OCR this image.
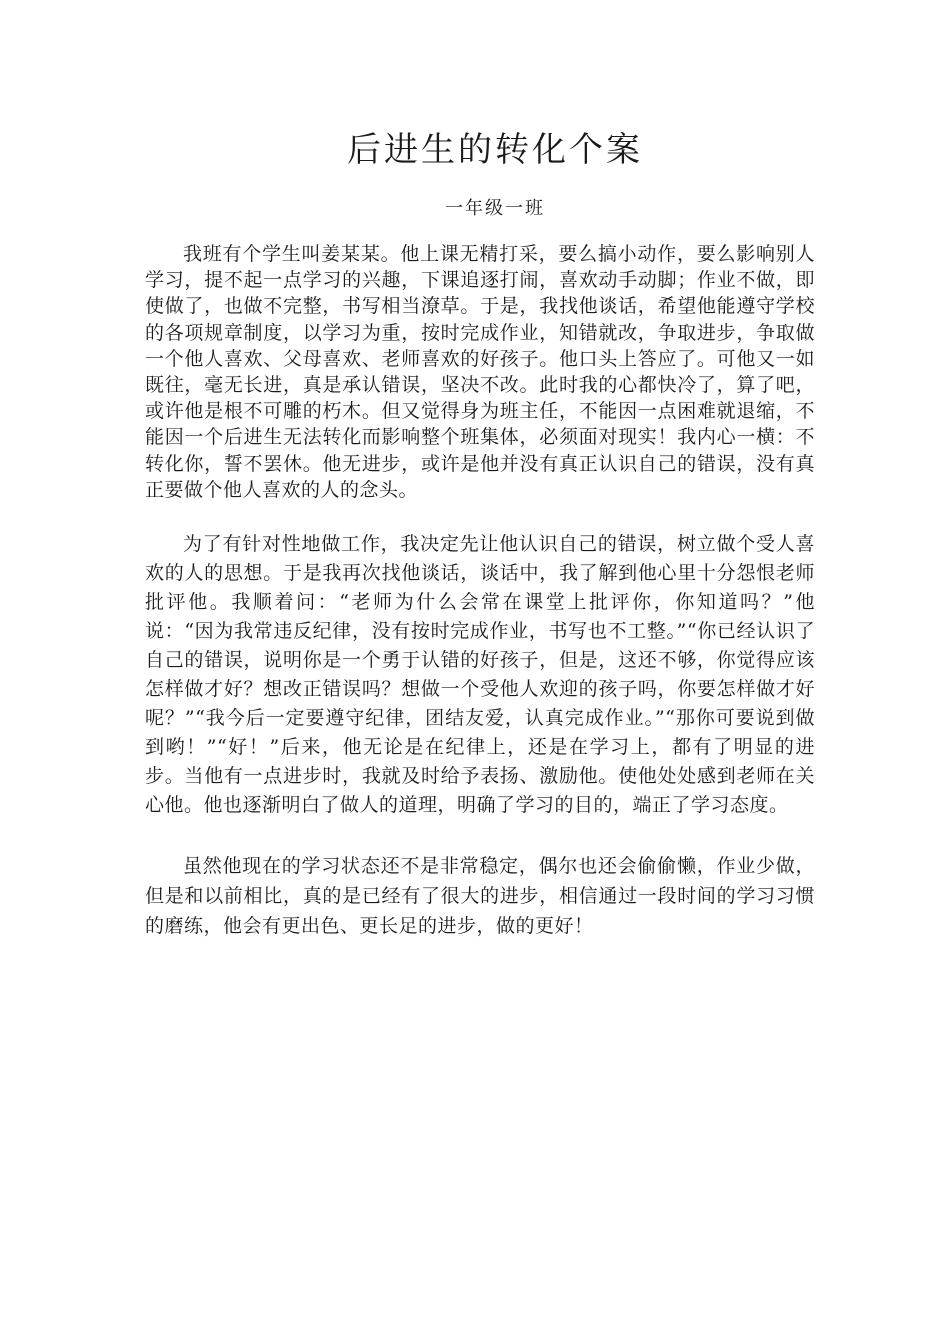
后进生的转化个案

一年级一班

我班有个学生叫姜某某。他上课无精打采，要么搞小动作，要么影响别人学习，提不起一点学习的兴趣，下课追逐打闹，喜欢动手动脚；作业不做，即使做了，也做不完整，书写相当潦草。于是，我找他谈话，希望他能遵守学校的各项规章制度，以学习为重，按时完成作业，知错就改，争取进步，争取做一个他人喜欢、父母喜欢、老师喜欢的好孩子。他口头上答应了。可他又一如既往，毫无长进，真是承认错误，坚决不改。此时我的心都快冷了，算了吧，或许他是根不可雕的朽木。但又觉得身为班主任，不能因一点困难就退缩，不能因一个后进生无法转化而影响整个班集体，必须面对现实！我内心一横：不转化你，誓不罢休。他无进步，或许是他并没有真正认识自己的错误，没有真正要做个他人喜欢的人的念头。

为了有针对性地做工作，我决定先让他认识自己的错误，树立做个受人喜欢的人的思想。于是我再次找他谈话，谈话中，我了解到他心里十分怨恨老师批评他。我顺着问：“老师为什么会常在课堂上批评你，你知道吗？”他说：“因为我常违反纪律，没有按时完成作业，书写也不工整。”“你已经认识了自己的错误，说明你是一个勇于认错的好孩子，但是，这还不够，你觉得应该怎样做才好？想改正错误吗？想做一个受他人欢迎的孩子吗，你要怎样做才好呢？”“我今后一定要遵守纪律，团结友爱，认真完成作业。”“那你可要说到做到哟！”“好！”后来，他无论是在纪律上，还是在学习上，都有了明显的进步。当他有一点进步时，我就及时给予表扬、激励他。使他处处感到老师在关心他。他也逐渐明白了做人的道理，明确了学习的目的，端正了学习态度。

虽然他现在的学习状态还不是非常稳定，偶尔也还会偷偷懒，作业少做，但是和以前相比，真的是已经有了很大的进步，相信通过一段时间的学习习惯的磨练，他会有更出色、更长足的进步，做的更好！
